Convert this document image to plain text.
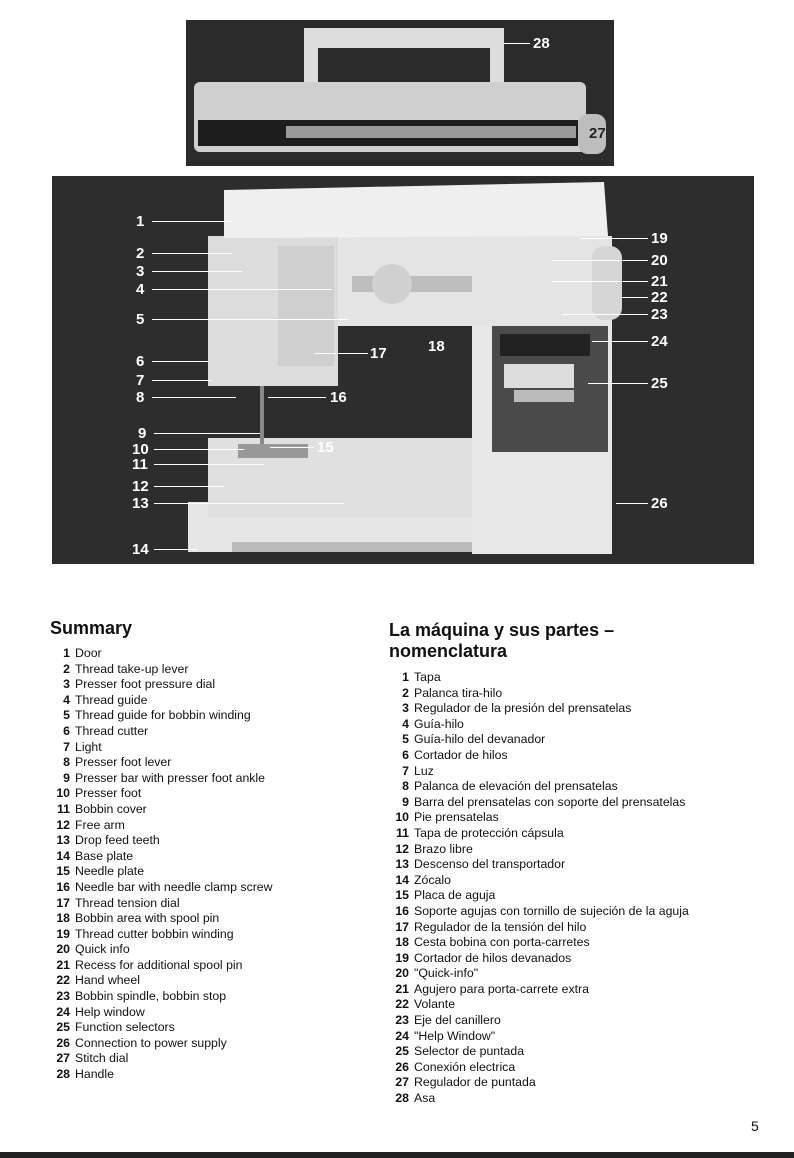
28
27
1
2
3
4
5
6
7
8
9
10
11
12
13
14
15
16
17	18
19
20
21
22
23
24
25
26
Summary
1 Door
2 Thread take-up lever
3 Presser foot pressure dial
4 Thread guide
5 Thread guide for bobbin winding
6 Thread cutter
7 Light
8 Presser foot lever
9 Presser bar with presser foot ankle
10 Presser foot
11 Bobbin cover
12 Free arm
13 Drop feed teeth
14 Base plate
15 Needle plate
16 Needle bar with needle clamp screw
17 Thread tension dial
18 Bobbin area with spool pin
19 Thread cutter bobbin winding
20 Quick info
21 Recess for additional spool pin
22 Hand wheel
23 Bobbin spindle, bobbin stop
24 Help window
25 Function selectors
26 Connection to power supply
27 Stitch dial
28 Handle
La máquina y sus partes –
nomenclatura
1 Tapa
2 Palanca tira-hilo
3 Regulador de la presión del prensatelas
4 Guía-hilo
5 Guía-hilo del devanador
6 Cortador de hilos
7 Luz
8 Palanca de elevación del prensatelas
9 Barra del prensatelas con soporte del prensatelas
10 Pie prensatelas
11 Tapa de protección cápsula
12 Brazo libre
13 Descenso del transportador
14 Zócalo
15 Placa de aguja
16 Soporte agujas con tornillo de sujeción de la aguja
17 Regulador de la tensión del hilo
18 Cesta bobina con porta-carretes
19 Cortador de hilos devanados
20 "Quick-info"
21 Agujero para porta-carrete extra
22 Volante
23 Eje del canillero
24 "Help Window"
25 Selector de puntada
26 Conexión electrica
27 Regulador de puntada
28 Asa
5
